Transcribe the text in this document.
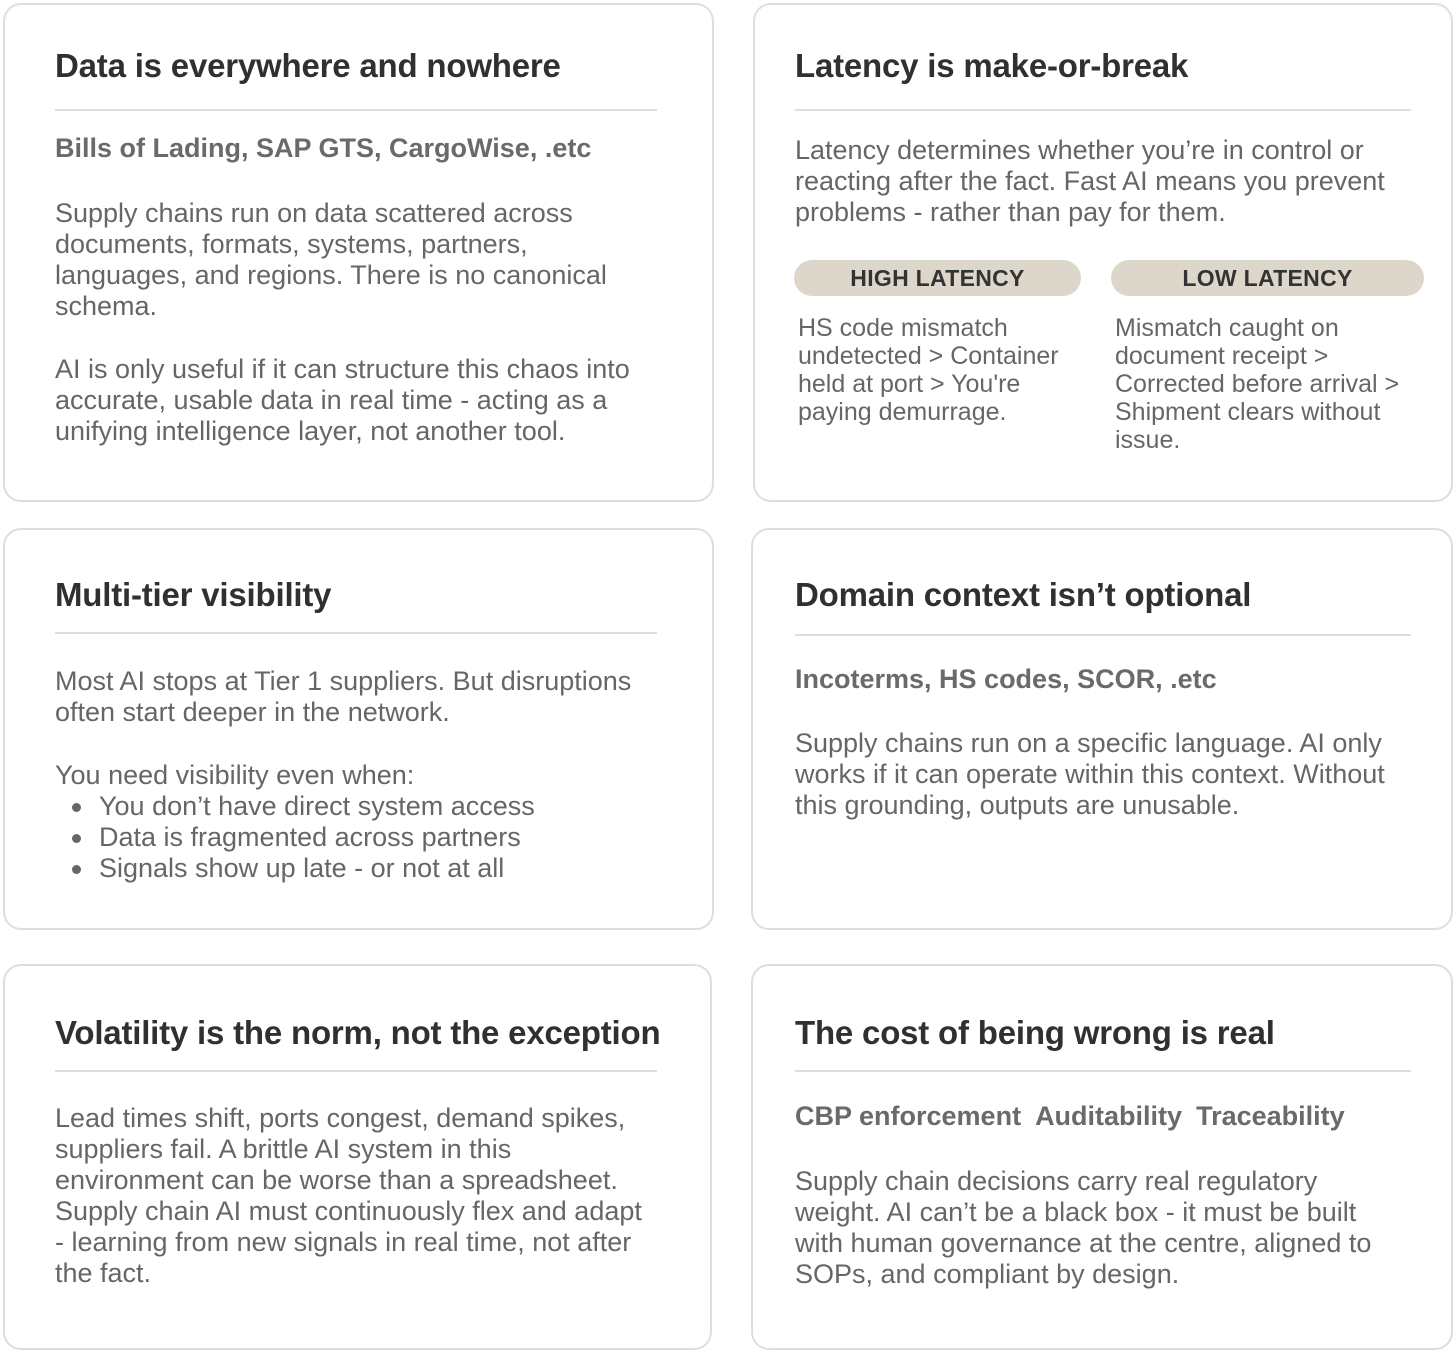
Data is everywhere and nowhere

Bills of Lading, SAP GTS, CargoWise, .etc

Supply chains run on data scattered across documents, formats, systems, partners, languages, and regions. There is no canonical schema.

AI is only useful if it can structure this chaos into accurate, usable data in real time - acting as a unifying intelligence layer, not another tool.

Latency is make-or-break

Latency determines whether you’re in control or reacting after the fact. Fast AI means you prevent problems - rather than pay for them.

HIGH LATENCY	LOW LATENCY

HS code mismatch undetected > Container held at port > You're paying demurrage.

Mismatch caught on document receipt > Corrected before arrival > Shipment clears without issue.

Multi-tier visibility

Most AI stops at Tier 1 suppliers. But disruptions often start deeper in the network.

You need visibility even when:

You don’t have direct system access
Data is fragmented across partners
Signals show up late - or not at all
Domain context isn’t optional

Incoterms, HS codes, SCOR, .etc

Supply chains run on a specific language. AI only works if it can operate within this context. Without this grounding, outputs are unusable.

Volatility is the norm, not the exception

Lead times shift, ports congest, demand spikes, suppliers fail. A brittle AI system in this environment can be worse than a spreadsheet. Supply chain AI must continuously flex and adapt - learning from new signals in real time, not after the fact.

The cost of being wrong is real

CBP enforcement Auditability Traceability

Supply chain decisions carry real regulatory weight. AI can’t be a black box - it must be built with human governance at the centre, aligned to SOPs, and compliant by design.
